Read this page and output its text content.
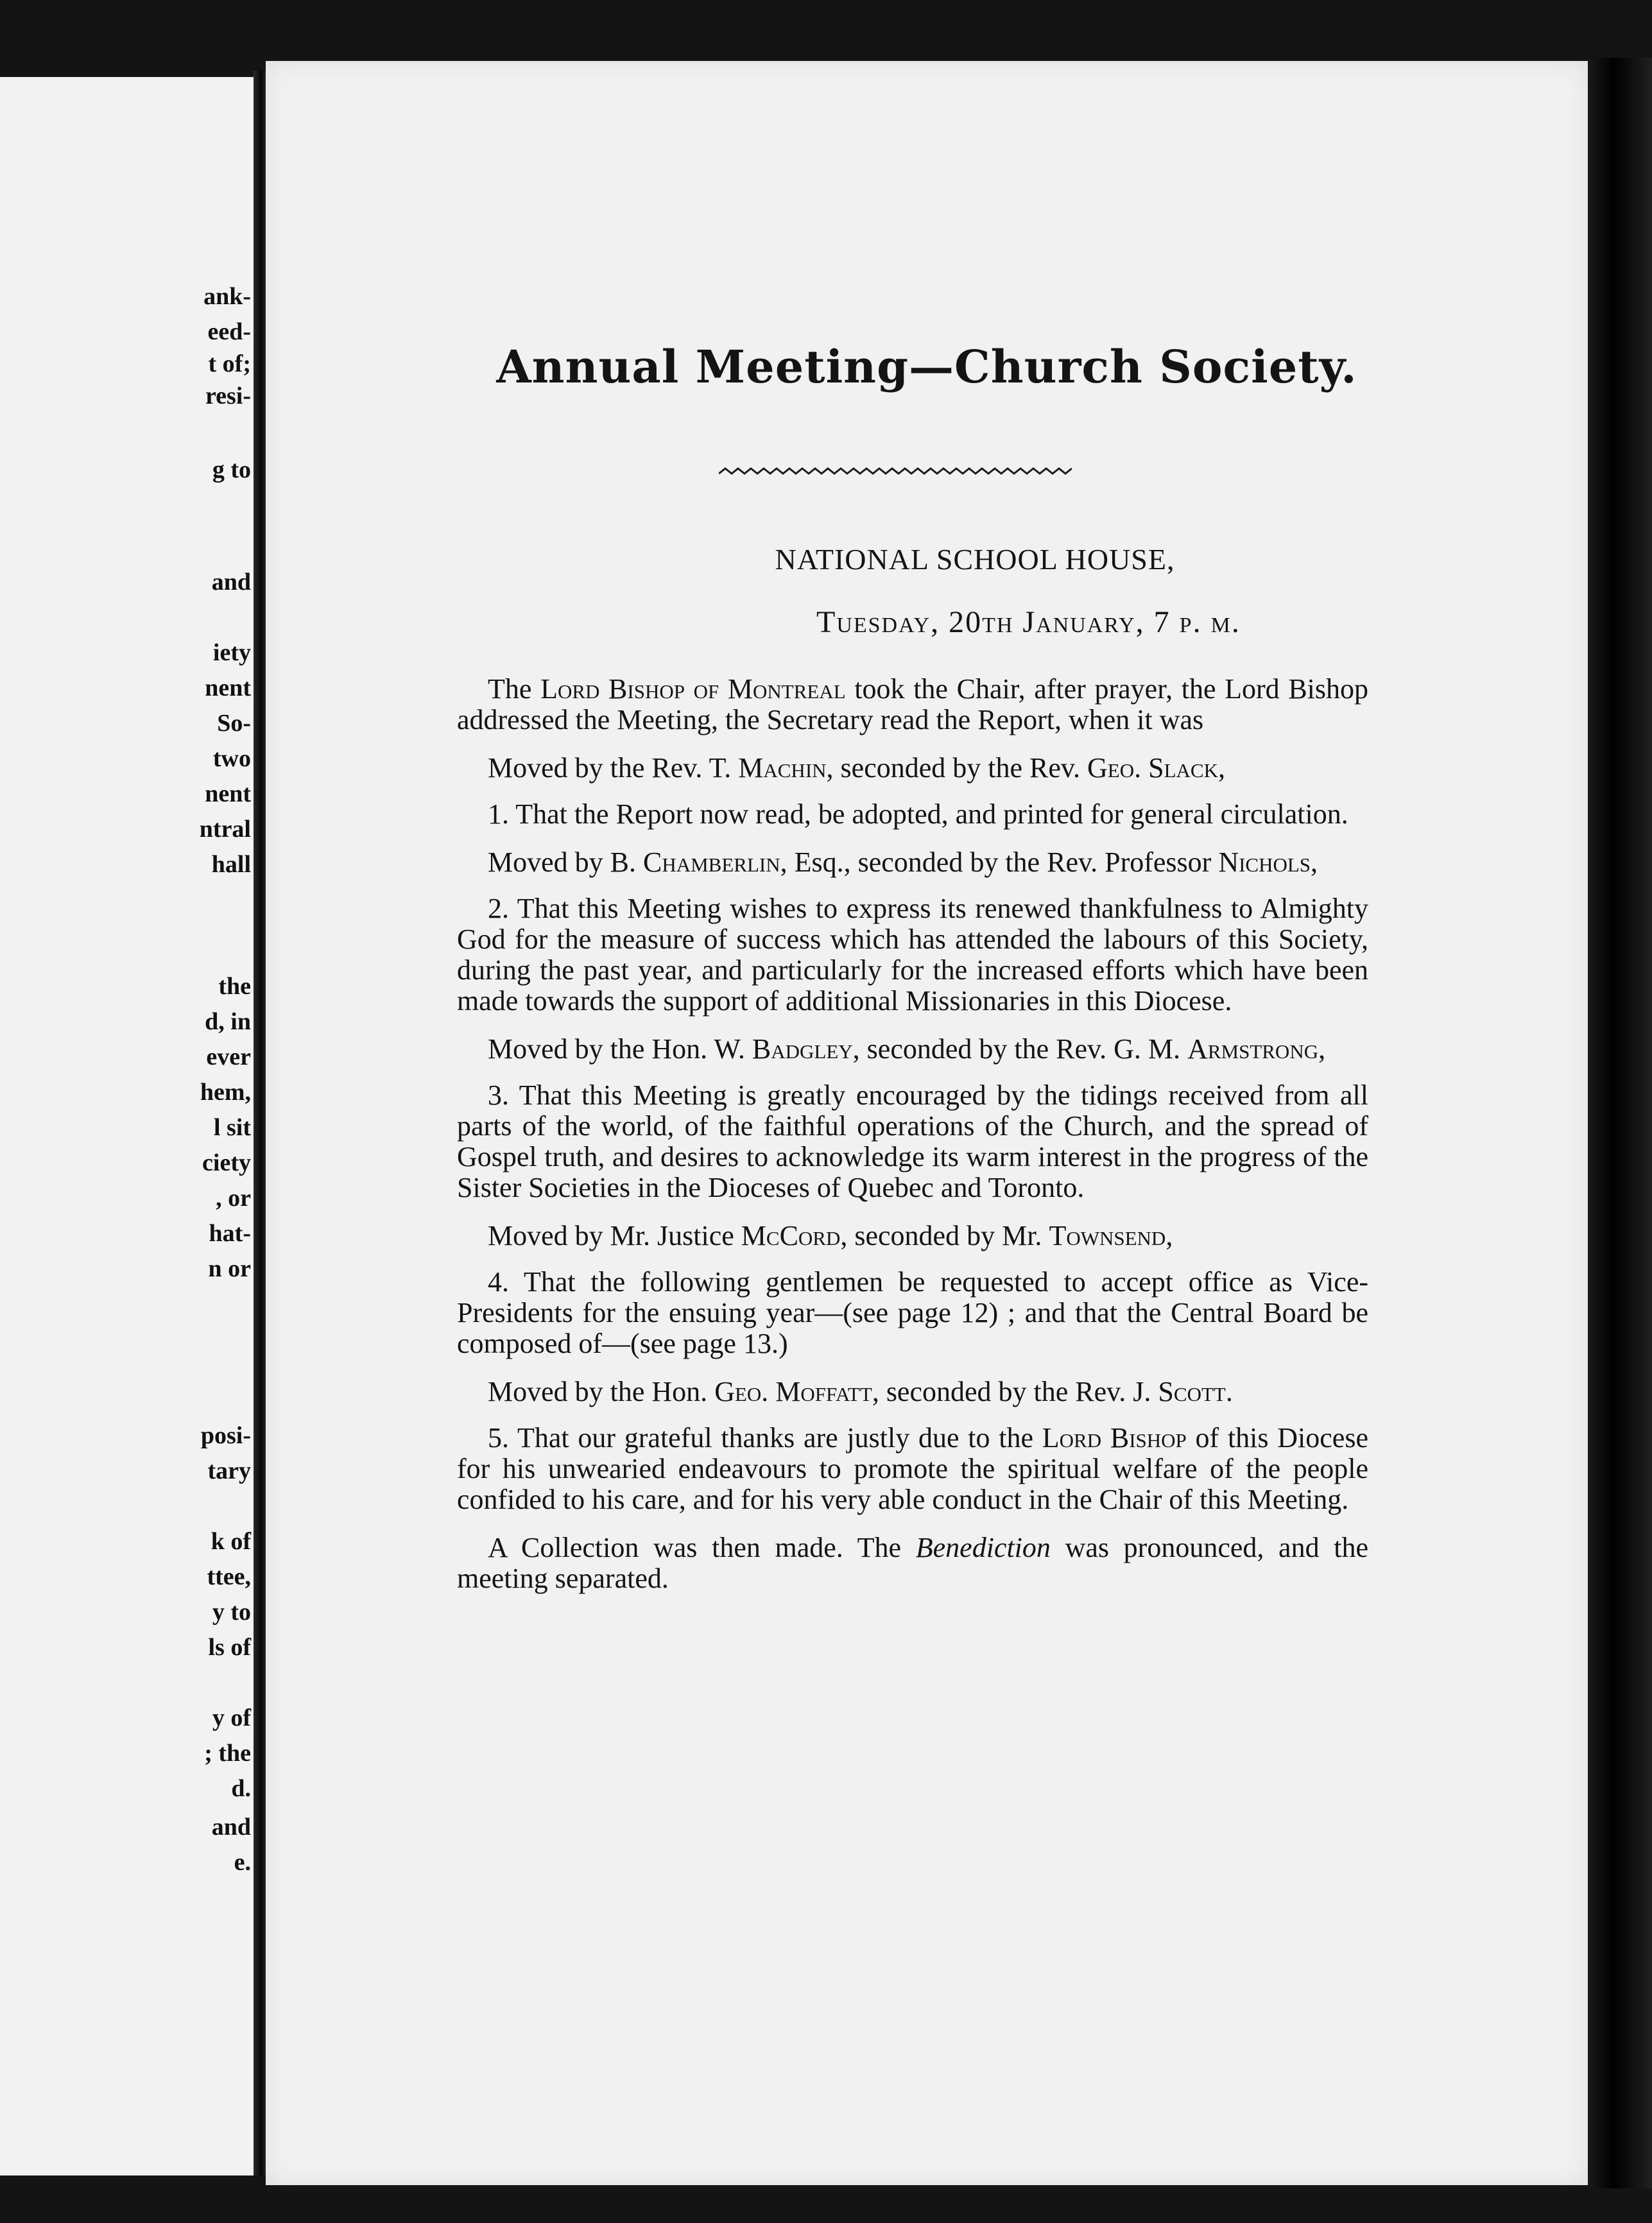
ank-
eed-
t of;
resi-
g to
and
iety
nent
So-
two
nent
ntral
hall
the
d, in
ever
hem,
l sit
ciety
, or
hat-
n or
posi-
tary
k of
ttee,
y to
ls of
y of
; the
d.
and
e.
Annual Meeting—Church Society.
NATIONAL SCHOOL HOUSE,
Tuesday, 20th January, 7 p. m.

The Lord Bishop of Montreal took the Chair, after prayer, the Lord Bishop addressed the Meeting, the Secretary read the Report, when it was

Moved by the Rev. T. Machin, seconded by the Rev. Geo. Slack,

1. That the Report now read, be adopted, and printed for general circulation.

Moved by B. Chamberlin, Esq., seconded by the Rev. Professor Nichols,

2. That this Meeting wishes to express its renewed thankfulness to Almighty God for the measure of success which has attended the labours of this Society, during the past year, and particularly for the increased efforts which have been made towards the support of additional Missionaries in this Diocese.

Moved by the Hon. W. Badgley, seconded by the Rev. G. M. Armstrong,

3. That this Meeting is greatly encouraged by the tidings received from all parts of the world, of the faithful operations of the Church, and the spread of Gospel truth, and desires to acknowledge its warm interest in the progress of the Sister Societies in the Dioceses of Quebec and Toronto.

Moved by Mr. Justice McCord, seconded by Mr. Townsend,

4. That the following gentlemen be requested to accept office as Vice-Presidents for the ensuing year—(see page 12) ; and that the Central Board be composed of—(see page 13.)

Moved by the Hon. Geo. Moffatt, seconded by the Rev. J. Scott.

5. That our grateful thanks are justly due to the Lord Bishop of this Diocese for his unwearied endeavours to promote the spiritual welfare of the people confided to his care, and for his very able conduct in the Chair of this Meeting.

A Collection was then made. The Benediction was pronounced, and the meeting separated.
